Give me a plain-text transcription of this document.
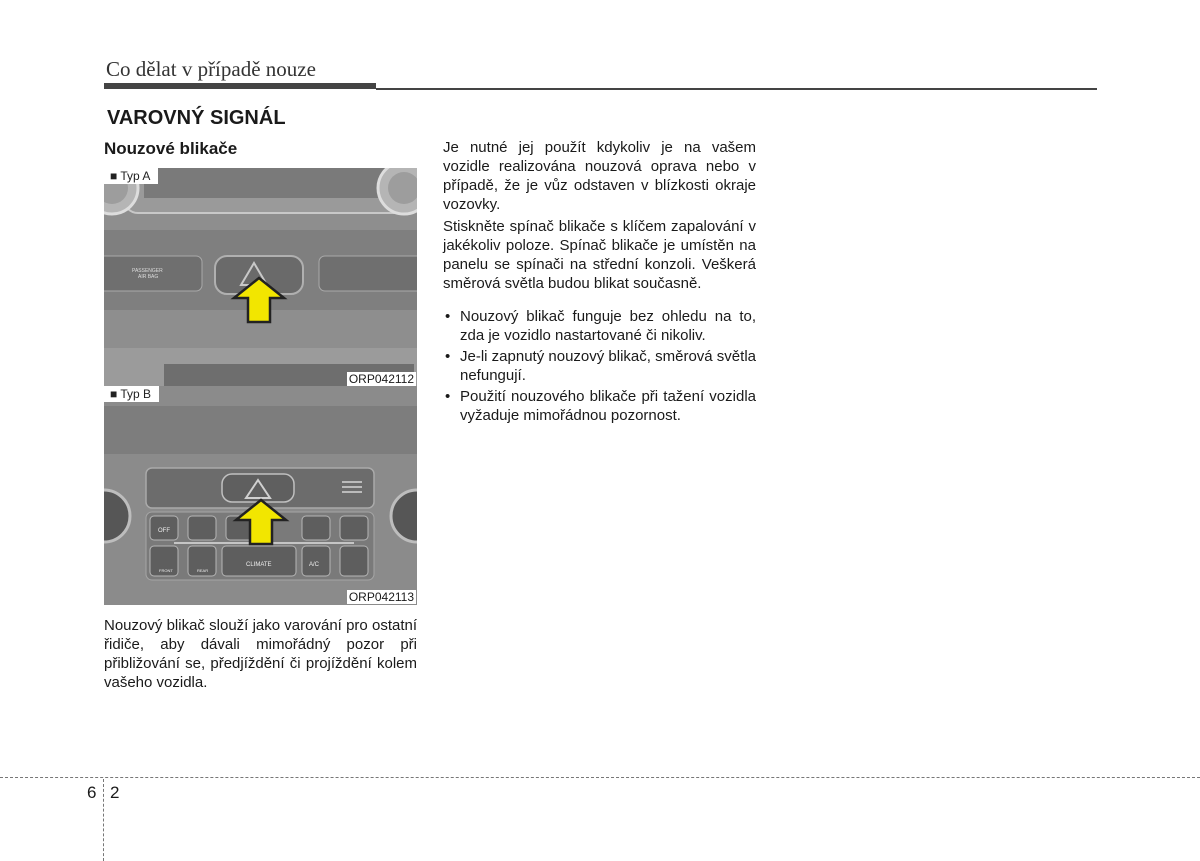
Co dělat v případě nouze
VAROVNÝ SIGNÁL
Nouzové blikače
■ Typ A
PASSENGER
AIR BAG
ORP042112
■ Typ B
OFF
FRONT	REAR
CLIMATE	A/C
ORP042113
Nouzový blikač slouží jako varování pro ostatní řidiče, aby dávali mimořádný pozor při přibližování se, předjíždění či projíždění kolem vašeho vozidla.

Je nutné jej použít kdykoliv je na vašem vozidle realizována nouzová oprava nebo v případě, že je vůz odstaven v blízkosti okraje vozovky.

Stiskněte spínač blikače s klíčem zapalování v jakékoliv poloze. Spínač blikače je umístěn na panelu se spínači na střední konzoli. Veškerá směrová světla budou blikat současně.

• Nouzový blikač funguje bez ohledu na to, zda je vozidlo nastartované či nikoliv.
• Je-li zapnutý nouzový blikač, směrová světla nefungují.
• Použití nouzového blikače při tažení vozidla vyžaduje mimořádnou pozornost.
6 2
